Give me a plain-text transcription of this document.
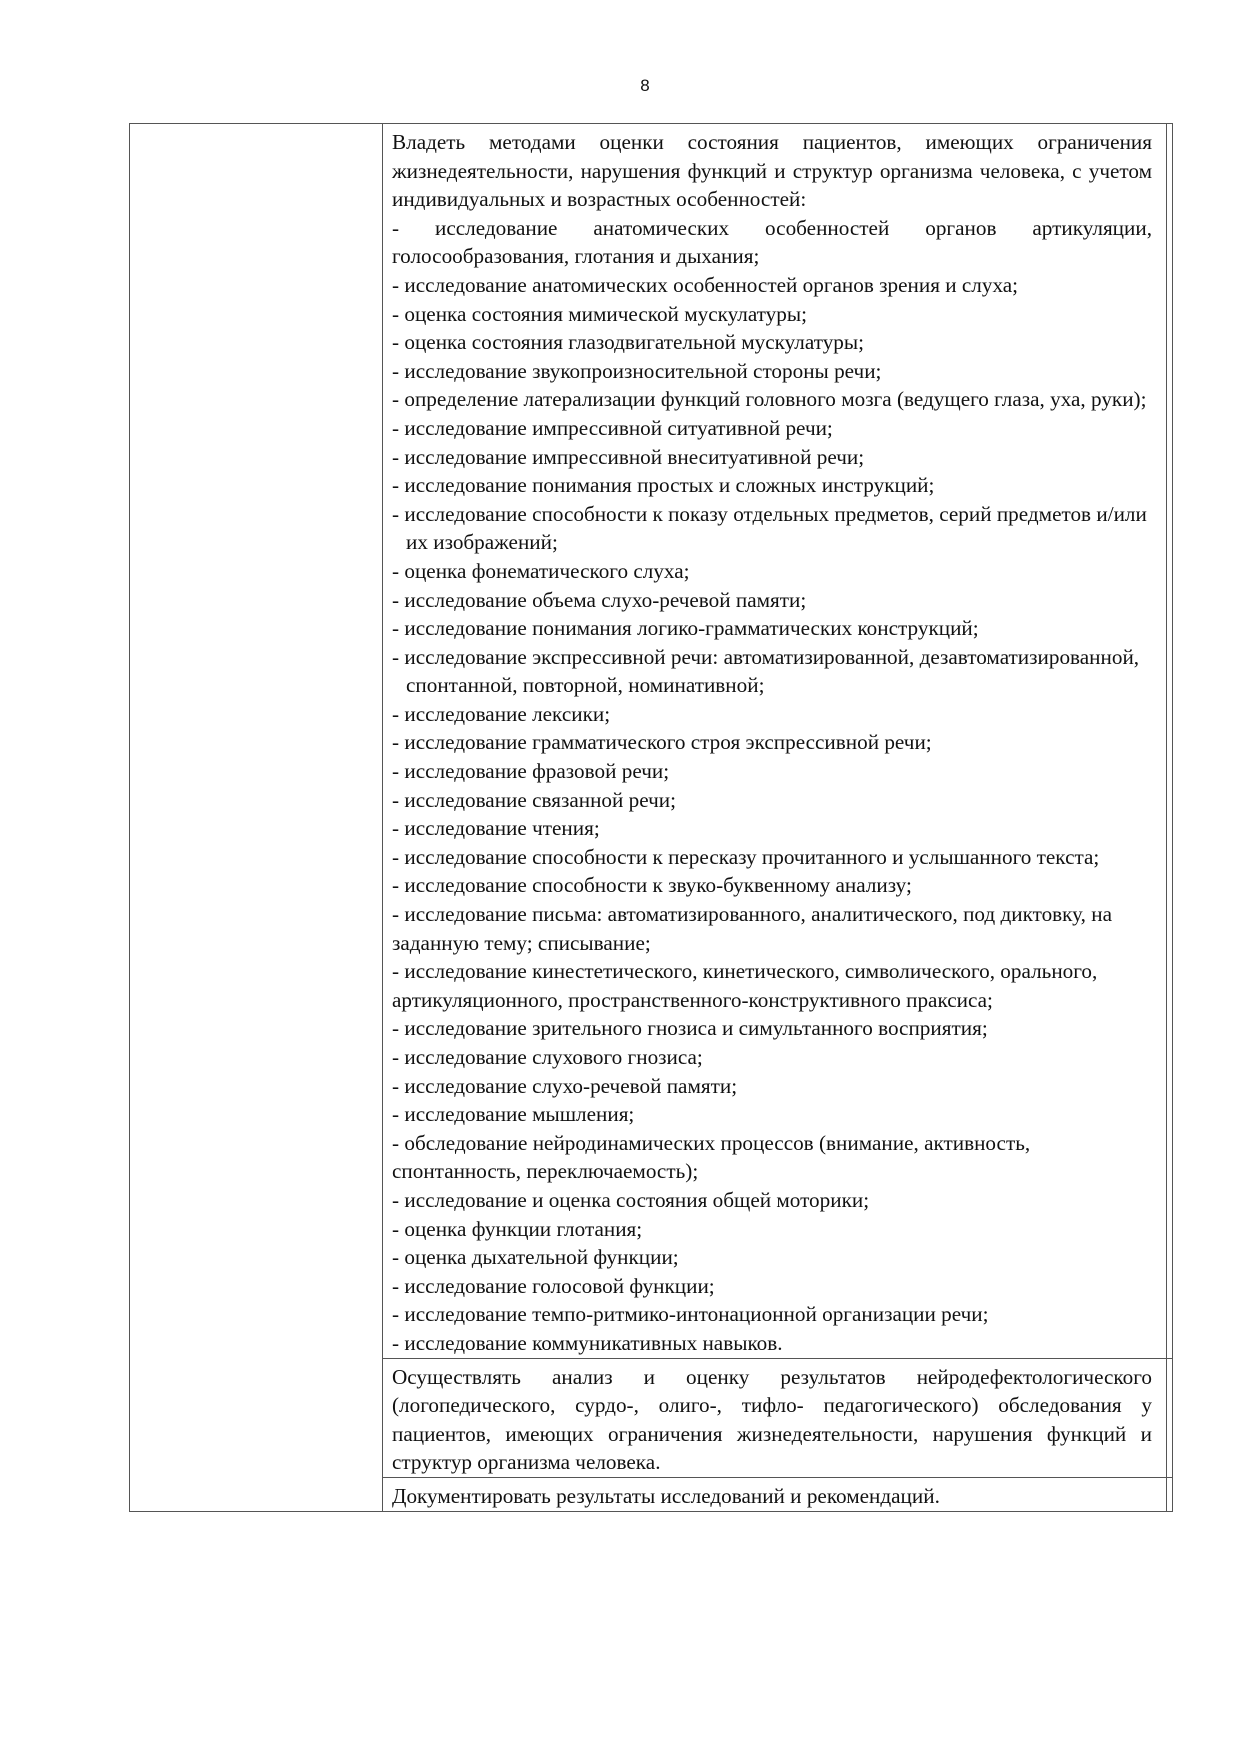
8

Владеть методами оценки состояния пациентов, имеющих ограничения жизнедеятельности, нарушения функций и структур организма человека, с учетом индивидуальных и возрастных особенностей:

- исследование анатомических особенностей органов артикуляции, голосообразования, глотания и дыхания;

- исследование анатомических особенностей органов зрения и слуха;

- оценка состояния мимической мускулатуры;

- оценка состояния глазодвигательной мускулатуры;

- исследование звукопроизносительной стороны речи;

- определение латерализации функций головного мозга (ведущего глаза, уха, руки);

- исследование импрессивной ситуативной речи;

- исследование импрессивной внеситуативной речи;

- исследование понимания простых и сложных инструкций;

- исследование способности к показу отдельных предметов, серий предметов и/или их изображений;

- оценка фонематического слуха;

- исследование объема слухо-речевой памяти;

- исследование понимания логико-грамматических конструкций;

- исследование экспрессивной речи: автоматизированной, дезавтоматизированной, спонтанной, повторной, номинативной;

- исследование лексики;

- исследование грамматического строя экспрессивной речи;

- исследование фразовой речи;

- исследование связанной речи;

- исследование чтения;

- исследование способности к пересказу прочитанного и услышанного текста;

- исследование способности к звуко-буквенному анализу;

- исследование письма: автоматизированного, аналитического, под диктовку, на заданную тему; списывание;

- исследование кинестетического, кинетического, символического, орального, артикуляционного, пространственного-конструктивного праксиса;

- исследование зрительного гнозиса и симультанного восприятия;

- исследование слухового гнозиса;

- исследование слухо-речевой памяти;

- исследование мышления;

- обследование нейродинамических процессов (внимание, активность, спонтанность, переключаемость);

- исследование и оценка состояния общей моторики;

- оценка функции глотания;

- оценка дыхательной функции;

- исследование голосовой функции;

- исследование темпо-ритмико-интонационной организации речи;

- исследование коммуникативных навыков.

Осуществлять анализ и оценку результатов нейродефектологического (логопедического, сурдо-, олиго-, тифло- педагогического) обследования у пациентов, имеющих ограничения жизнедеятельности, нарушения функций и структур организма человека.

Документировать результаты исследований и рекомендаций.
